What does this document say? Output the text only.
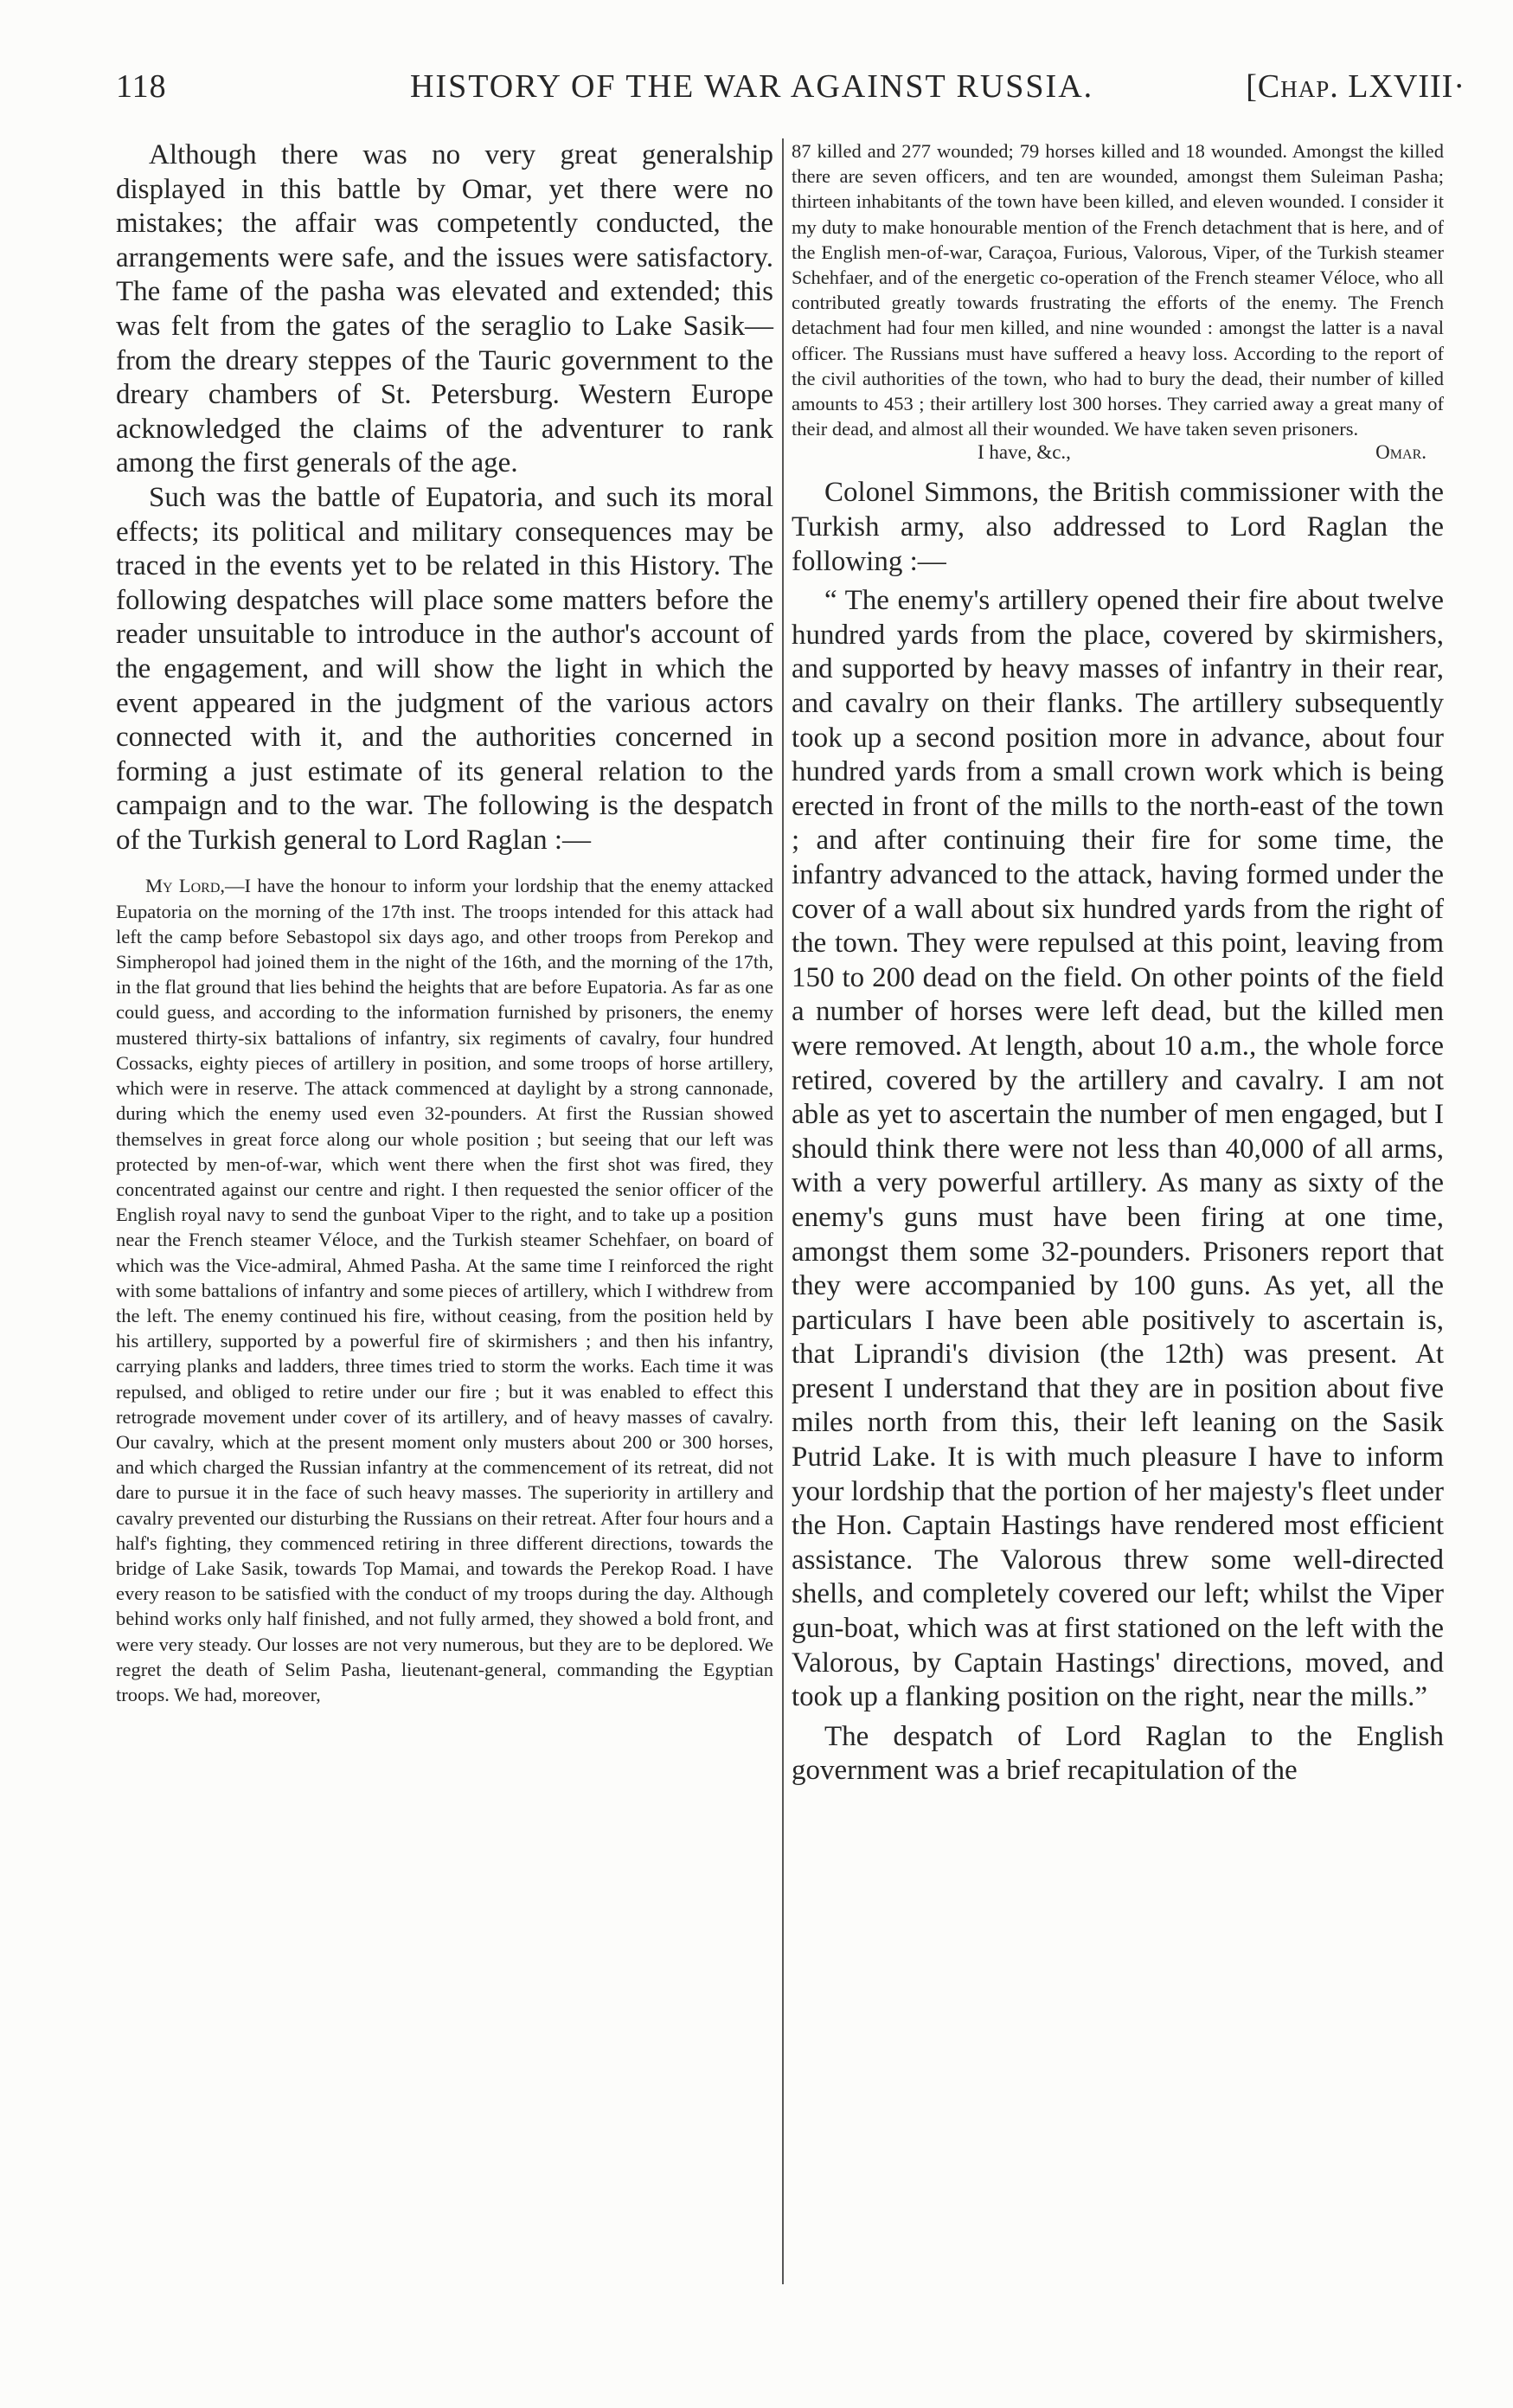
118	HISTORY OF THE WAR AGAINST RUSSIA.	[Chap. LXVIII·

Although there was no very great generalship displayed in this battle by Omar, yet there were no mistakes; the affair was competently conducted, the arrangements were safe, and the issues were satisfactory. The fame of the pasha was elevated and extended; this was felt from the gates of the seraglio to Lake Sasik—from the dreary steppes of the Tauric government to the dreary chambers of St. Petersburg. Western Europe acknowledged the claims of the adventurer to rank among the first generals of the age.

Such was the battle of Eupatoria, and such its moral effects; its political and military consequences may be traced in the events yet to be related in this History. The following despatches will place some matters before the reader unsuitable to introduce in the author's account of the engagement, and will show the light in which the event appeared in the judgment of the various actors connected with it, and the authorities concerned in forming a just estimate of its general relation to the campaign and to the war. The following is the despatch of the Turkish general to Lord Raglan :—

My Lord,—I have the honour to inform your lordship that the enemy attacked Eupatoria on the morning of the 17th inst. The troops intended for this attack had left the camp before Sebastopol six days ago, and other troops from Perekop and Simpheropol had joined them in the night of the 16th, and the morning of the 17th, in the flat ground that lies behind the heights that are before Eupatoria. As far as one could guess, and according to the information furnished by prisoners, the enemy mustered thirty-six battalions of infantry, six regiments of cavalry, four hundred Cossacks, eighty pieces of artillery in position, and some troops of horse artillery, which were in reserve. The attack commenced at daylight by a strong cannonade, during which the enemy used even 32-pounders. At first the Russian showed themselves in great force along our whole position ; but seeing that our left was protected by men-of-war, which went there when the first shot was fired, they concentrated against our centre and right. I then requested the senior officer of the English royal navy to send the gunboat Viper to the right, and to take up a position near the French steamer Véloce, and the Turkish steamer Schehfaer, on board of which was the Vice-admiral, Ahmed Pasha. At the same time I reinforced the right with some battalions of infantry and some pieces of artillery, which I withdrew from the left. The enemy continued his fire, without ceasing, from the position held by his artillery, supported by a powerful fire of skirmishers ; and then his infantry, carrying planks and ladders, three times tried to storm the works. Each time it was repulsed, and obliged to retire under our fire ; but it was enabled to effect this retrograde movement under cover of its artillery, and of heavy masses of cavalry. Our cavalry, which at the present moment only musters about 200 or 300 horses, and which charged the Russian infantry at the commencement of its retreat, did not dare to pursue it in the face of such heavy masses. The superiority in artillery and cavalry prevented our disturbing the Russians on their retreat. After four hours and a half's fighting, they commenced retiring in three different directions, towards the bridge of Lake Sasik, towards Top Mamai, and towards the Perekop Road. I have every reason to be satisfied with the conduct of my troops during the day. Although behind works only half finished, and not fully armed, they showed a bold front, and were very steady. Our losses are not very numerous, but they are to be deplored. We regret the death of Selim Pasha, lieutenant-general, commanding the Egyptian troops. We had, moreover,

87 killed and 277 wounded; 79 horses killed and 18 wounded. Amongst the killed there are seven officers, and ten are wounded, amongst them Suleiman Pasha; thirteen inhabitants of the town have been killed, and eleven wounded. I consider it my duty to make honourable mention of the French detachment that is here, and of the English men-of-war, Caraçoa, Furious, Valorous, Viper, of the Turkish steamer Schehfaer, and of the energetic co-operation of the French steamer Véloce, who all contributed greatly towards frustrating the efforts of the enemy. The French detachment had four men killed, and nine wounded : amongst the latter is a naval officer. The Russians must have suffered a heavy loss. According to the report of the civil authorities of the town, who had to bury the dead, their number of killed amounts to 453 ; their artillery lost 300 horses. They carried away a great many of their dead, and almost all their wounded. We have taken seven prisoners.

I have, &c.,	Omar.

Colonel Simmons, the British commissioner with the Turkish army, also addressed to Lord Raglan the following :—

“ The enemy's artillery opened their fire about twelve hundred yards from the place, covered by skirmishers, and supported by heavy masses of infantry in their rear, and cavalry on their flanks. The artillery subsequently took up a second position more in advance, about four hundred yards from a small crown work which is being erected in front of the mills to the north-east of the town ; and after continuing their fire for some time, the infantry advanced to the attack, having formed under the cover of a wall about six hundred yards from the right of the town. They were repulsed at this point, leaving from 150 to 200 dead on the field. On other points of the field a number of horses were left dead, but the killed men were removed. At length, about 10 a.m., the whole force retired, covered by the artillery and cavalry. I am not able as yet to ascertain the number of men engaged, but I should think there were not less than 40,000 of all arms, with a very powerful artillery. As many as sixty of the enemy's guns must have been firing at one time, amongst them some 32-pounders. Prisoners report that they were accompanied by 100 guns. As yet, all the particulars I have been able positively to ascertain is, that Liprandi's division (the 12th) was present. At present I understand that they are in position about five miles north from this, their left leaning on the Sasik Putrid Lake. It is with much pleasure I have to inform your lordship that the portion of her majesty's fleet under the Hon. Captain Hastings have rendered most efficient assistance. The Valorous threw some well-directed shells, and completely covered our left; whilst the Viper gun-boat, which was at first stationed on the left with the Valorous, by Captain Hastings' directions, moved, and took up a flanking position on the right, near the mills.”

The despatch of Lord Raglan to the English government was a brief recapitulation of the
